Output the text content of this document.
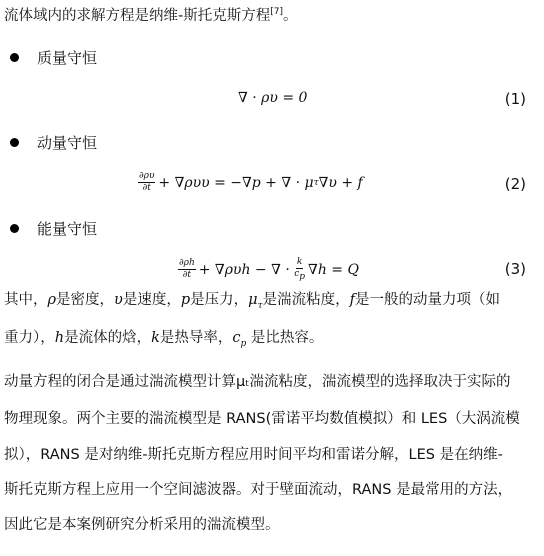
流体域内的求解方程是纳维-斯托克斯方程[7]。
质量守恒
∇ · ρυ = 0	(1)
动量守恒
$\frac{\partial\rho\upsilon}{\partial t} + \nabla\rho\upsilon\upsilon = -\nabla p$ + ∇ · μ τ ∇υ + f	(2)
能量守恒
$\frac{\partial\rho h}{\partial t} + \nabla\rho\upsilon h$ − ∇ ·
$\frac{k}{cp} \nabla h = Q$	(3)
其中，ρ是密度，υ是速度，p是压力，$\mu_\tau$是湍流粘度，f是一般的动量力项（如
重力），h是流体的焓，k是热导率，$c_p$ 是比热容。
动量方程的闭合是通过湍流模型计算μₜ湍流粘度，湍流模型的选择取决于实际的
物理现象。两个主要的湍流模型是 RANS(雷诺平均数值模拟）和 LES（大涡流模
拟），RANS 是对纳维-斯托克斯方程应用时间平均和雷诺分解，LES 是在纳维-
斯托克斯方程上应用一个空间滤波器。对于壁面流动，RANS 是最常用的方法，
因此它是本案例研究分析采用的湍流模型。
